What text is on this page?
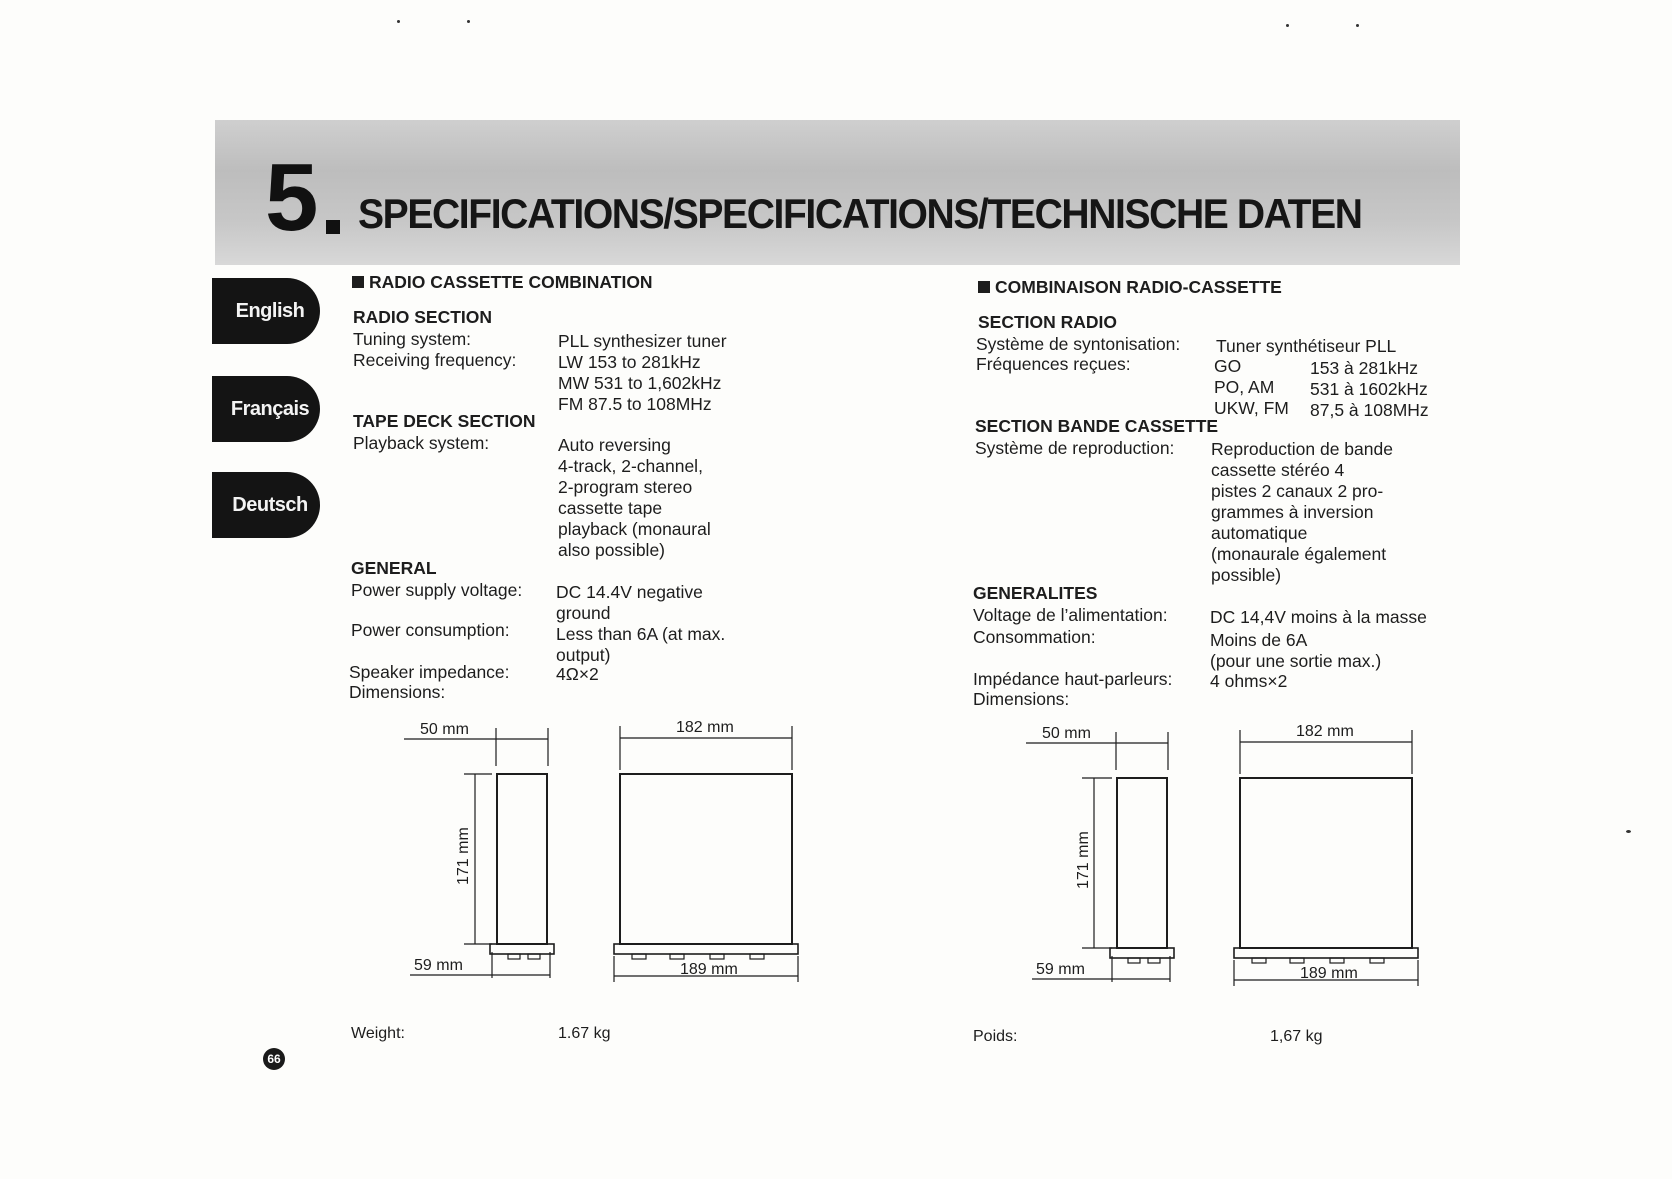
5 SPECIFICATIONS/SPECIFICATIONS/TECHNISCHE DATEN
English
Français
Deutsch
RADIO CASSETTE COMBINATION
RADIO SECTION
Tuning system:	PLL synthesizer tuner
Receiving frequency: LW 153 to 281kHz
MW 531 to 1,602kHz
FM 87.5 to 108MHz
TAPE DECK SECTION
Playback system:	Auto reversing
4-track, 2-channel,
2-program stereo
cassette tape
playback (monaural
also possible)
GENERAL
Power supply voltage: DC 14.4V negative
ground
Power consumption:	Less than 6A (at max.
output)
Speaker impedance:	4Ω×2
Dimensions:
50 mm	182 mm
171 mm
59 mm	189 mm
Weight:	1.67 kg
COMBINAISON RADIO-CASSETTE
SECTION RADIO
Système de syntonisation: Tuner synthétiseur PLL
Fréquences reçues:	GO	153 à 281kHz
PO, AM 531 à 1602kHz
UKW, FM 87,5 à 108MHz
SECTION BANDE CASSETTE
Système de reproduction: Reproduction de bande
cassette stéréo 4
pistes 2 canaux 2 pro-
grammes à inversion
automatique
(monaurale également
possible)
GENERALITES
Voltage de l’alimentation: DC 14,4V moins à la masse
Consommation:	Moins de 6A
(pour une sortie max.)
Impédance haut-parleurs: 4 ohms×2
Dimensions:
50 mm	182 mm
171 mm
59 mm	189 mm
Poids:	1,67 kg
66
